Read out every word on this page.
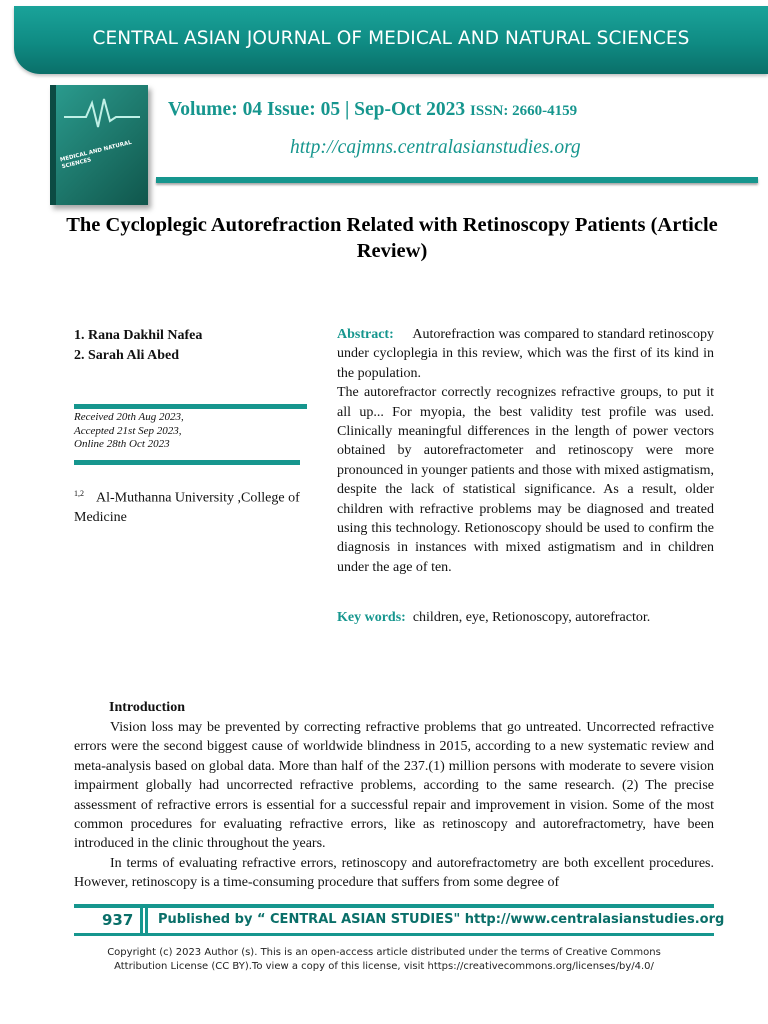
CENTRAL ASIAN JOURNAL OF MEDICAL AND NATURAL SCIENCES
MEDICAL AND NATURAL SCIENCES
Volume: 04 Issue: 05 | Sep-Oct 2023 ISSN: 2660-4159
http://cajmns.centralasianstudies.org
The Cycloplegic Autorefraction Related with Retinoscopy Patients (Article Review)
1. Rana Dakhil Nafea
2. Sarah Ali Abed
Received 20th Aug 2023,
Accepted 21st Sep 2023,
Online 28th Oct 2023
$^{1,2}$ Al-Muthanna University ,College of Medicine

Abstract: Autorefraction was compared to standard retinoscopy under cycloplegia in this review, which was the first of its kind in the population.

The autorefractor correctly recognizes refractive groups, to put it all up... For myopia, the best validity test profile was used. Clinically meaningful differences in the length of power vectors obtained by autorefractometer and retinoscopy were more pronounced in younger patients and those with mixed astigmatism, despite the lack of statistical significance. As a result, older children with refractive problems may be diagnosed and treated using this technology. Retionoscopy should be used to confirm the diagnosis in instances with mixed astigmatism and in children under the age of ten.

Key words: children, eye, Retionoscopy, autorefractor.
Introduction

Vision loss may be prevented by correcting refractive problems that go untreated. Uncorrected refractive errors were the second biggest cause of worldwide blindness in 2015, according to a new systematic review and meta-analysis based on global data. More than half of the 237.(1) million persons with moderate to severe vision impairment globally had uncorrected refractive problems, according to the same research. (2) The precise assessment of refractive errors is essential for a successful repair and improvement in vision. Some of the most common procedures for evaluating refractive errors, like as retinoscopy and autorefractometry, have been introduced in the clinic throughout the years.

In terms of evaluating refractive errors, retinoscopy and autorefractometry are both excellent procedures. However, retinoscopy is a time-consuming procedure that suffers from some degree of

937 Published by “ CENTRAL ASIAN STUDIES" http://www.centralasianstudies.org
Copyright (c) 2023 Author (s). This is an open-access article distributed under the terms of Creative Commons
Attribution License (CC BY).To view a copy of this license, visit https://creativecommons.org/licenses/by/4.0/
